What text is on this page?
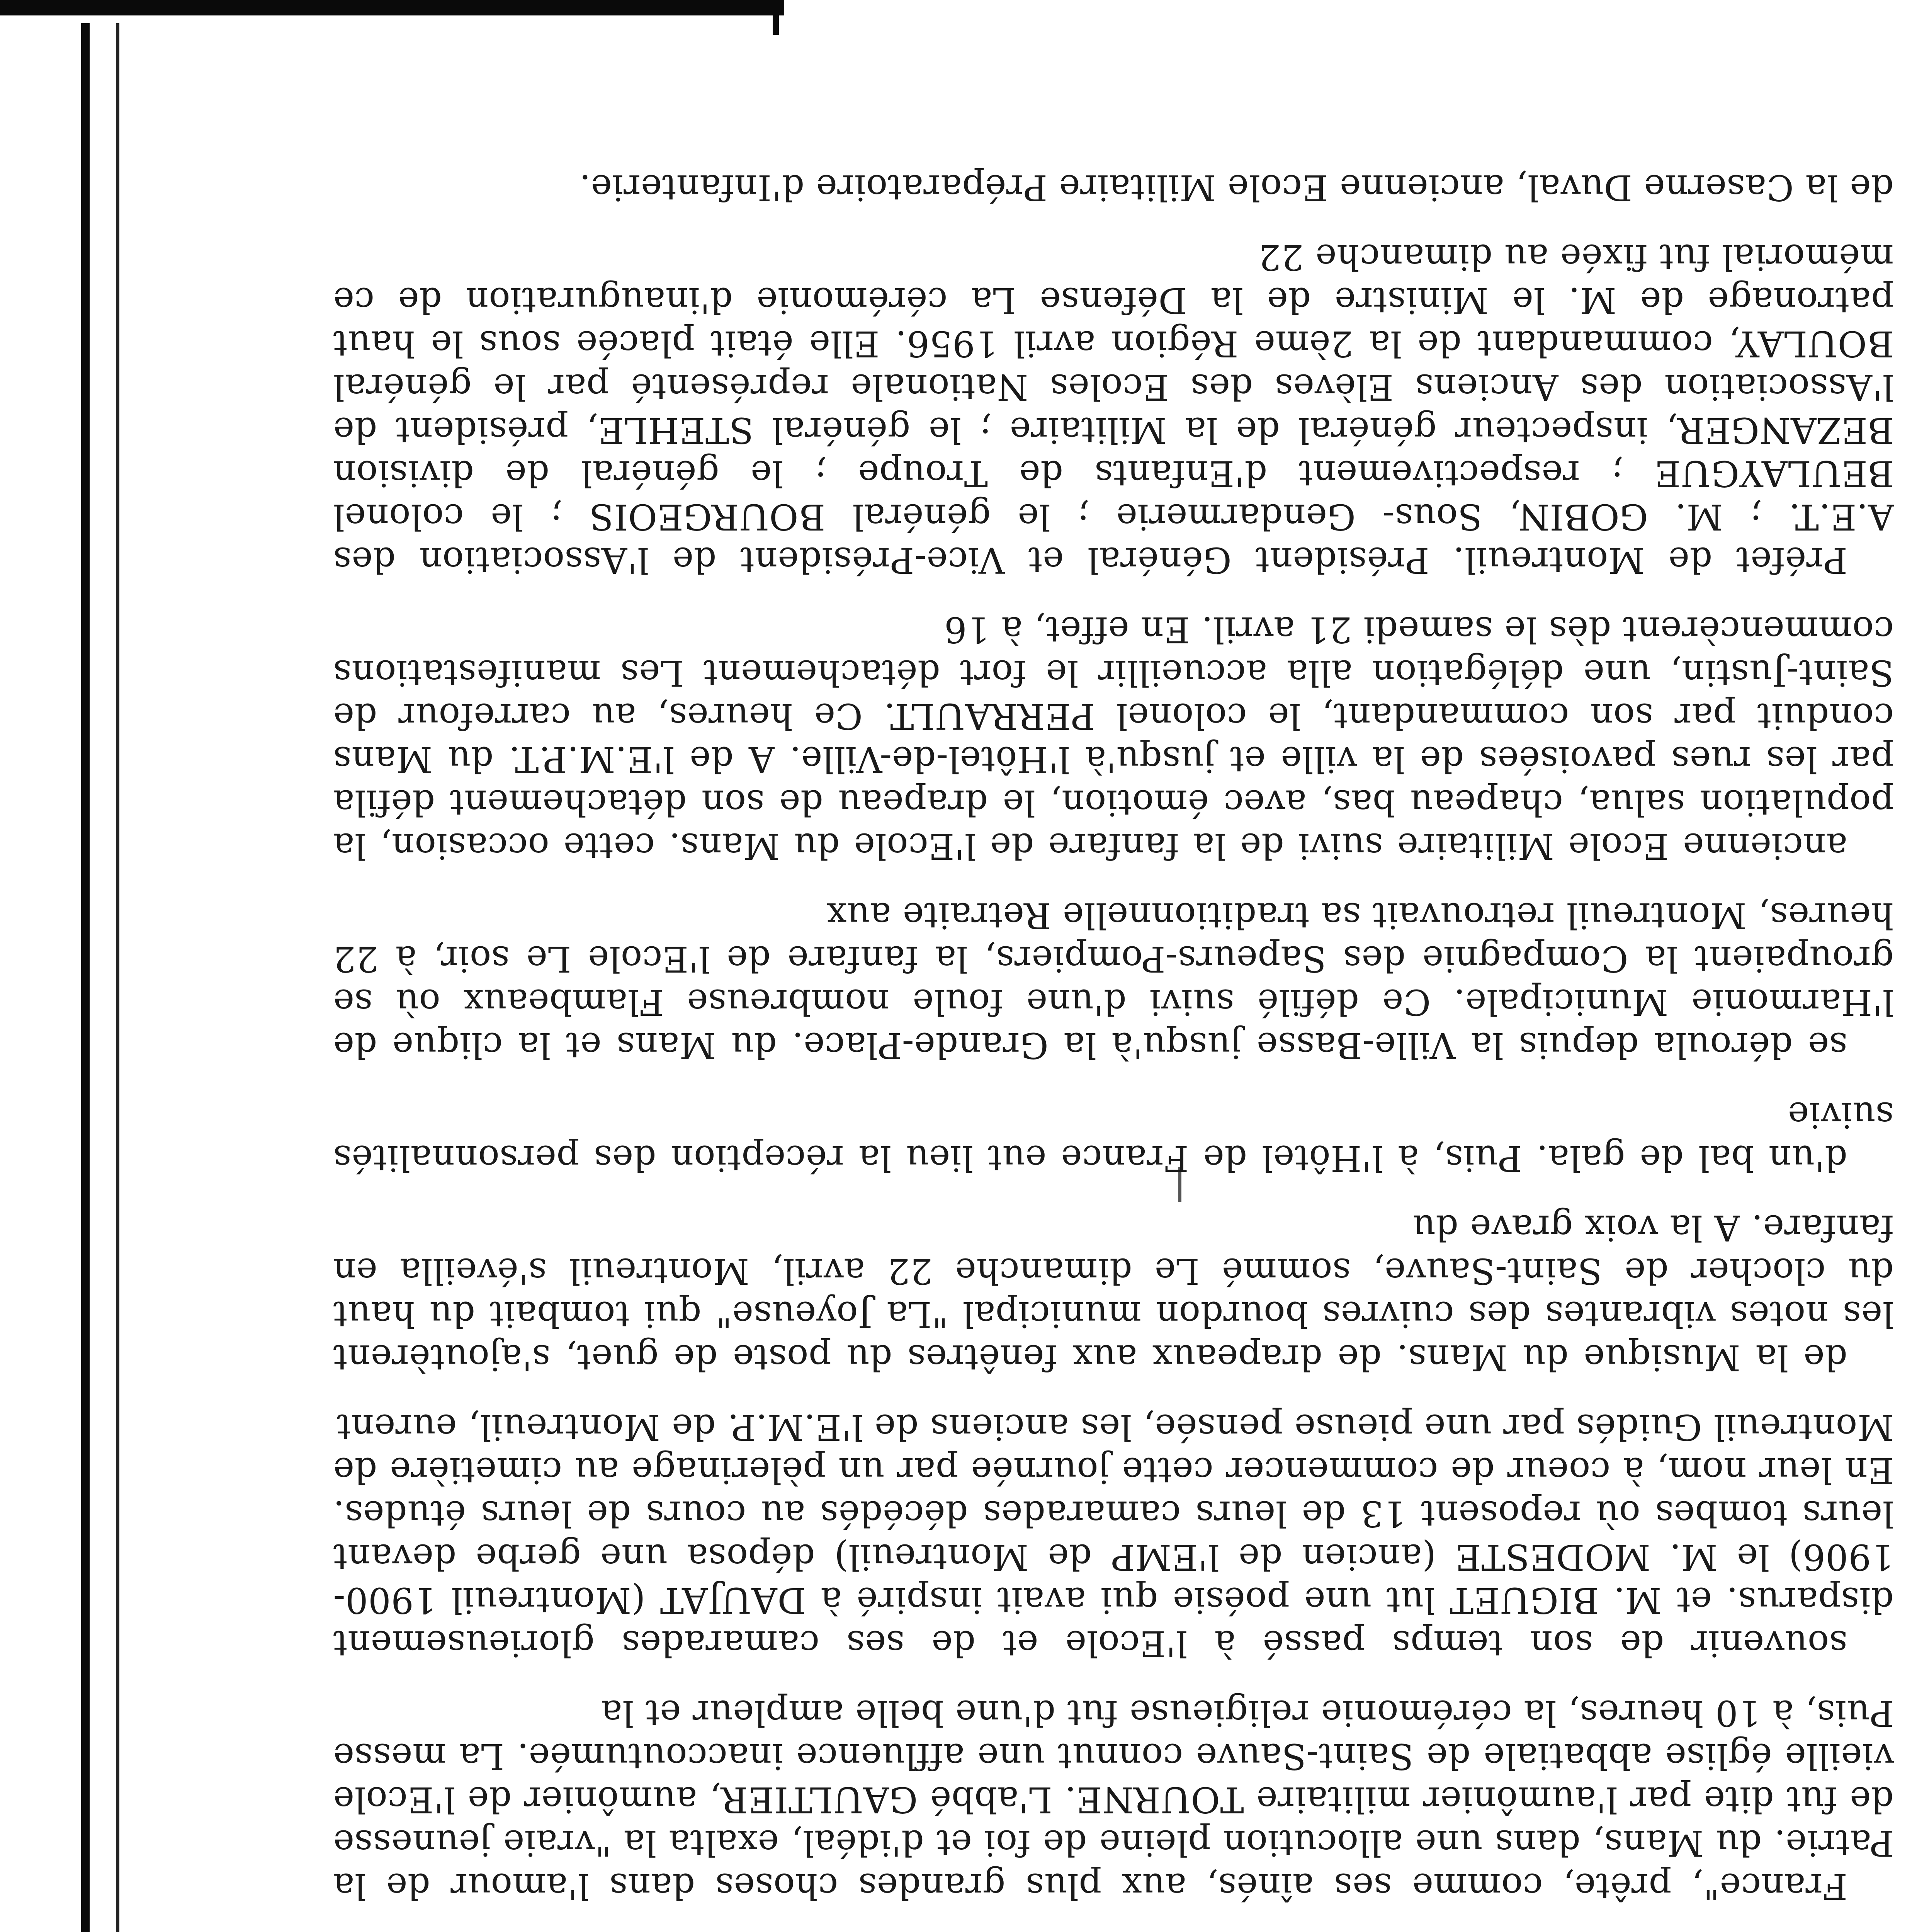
France", prête, comme ses aînés, aux plus grandes choses dans l'amour de la Patrie. du Mans, dans une allocution pleine de foi et d'idéal, exalta la "vraie jeunesse de fut dite par l'aumônier militaire TOURNE. L'abbé GAULTIER, aumônier de l'Ecole vieille église abbatiale de Saint-Sauve connut une affluence inaccoutumée. La messe Puis, à 10 heures, la cérémonie religieuse fut d'une belle ampleur et la

souvenir de son temps passé à l'Ecole et de ses camarades glorieusement disparus. et M. BIGUET lut une poésie qui avait inspiré à DAUJAT (Montreuil 1900-1906) le M. MODESTE (ancien de l'EMP de Montreuil) déposa une gerbe devant leurs tombes où reposent 13 de leurs camarades décédés au cours de leurs études. En leur nom, à coeur de commencer cette journée par un pèlerinage au cimetière de Montreuil Guidés par une pieuse pensée, les anciens de l'E.M.P. de Montreuil, eurent

de la Musique du Mans. de drapeaux aux fenêtres du poste de guet, s'ajoutèrent les notes vibrantes des cuivres bourdon municipal "La Joyeuse" qui tombait du haut du clocher de Saint-Sauve, sommé Le dimanche 22 avril, Montreuil s'éveilla en fanfare. A la voix grave du

d'un bal de gala. Puis, à l'Hôtel de France eut lieu la réception des personnalités suivie

se déroula depuis la Ville-Basse jusqu'à la Grande-Place. du Mans et la clique de l'Harmonie Municipale. Ce défilé suivi d'une foule nombreuse Flambeaux où se groupaient la Compagnie des Sapeurs-Pompiers, la fanfare de l'Ecole Le soir, à 22 heures, Montreuil retrouvait sa traditionnelle Retraite aux

ancienne Ecole Militaire suivi de la fanfare de l'Ecole du Mans. cette occasion, la population salua, chapeau bas, avec émotion, le drapeau de son détachement défila par les rues pavoisées de la ville et jusqu'à l'Hôtel-de-Ville. A de l'E.M.P.T. du Mans conduit par son commandant, le colonel PERRAULT. Ce heures, au carrefour de Saint-Justin, une délégation alla accueillir le fort détachement Les manifestations commencèrent dès le samedi 21 avril. En effet, à 16

Préfet de Montreuil. Président Général et Vice-Président de l'Association des A.E.T. ; M. GOBIN, Sous- Gendarmerie ; le général BOURGEOIS ; le colonel BEULAYGUE ; respectivement d'Enfants de Troupe ; le général de division BEZANGER, inspecteur général de la Militaire ; le général STEHLE, président de l'Association des Anciens Elèves des Ecoles Nationale représenté par le général BOULAY, commandant de la 2ème Région avril 1956. Elle était placée sous le haut patronage de M. le Ministre de la Défense La cérémonie d'inauguration de ce mémorial fut fixée au dimanche 22

de la Caserne Duval, ancienne Ecole Militaire Préparatoire d'Infanterie.
